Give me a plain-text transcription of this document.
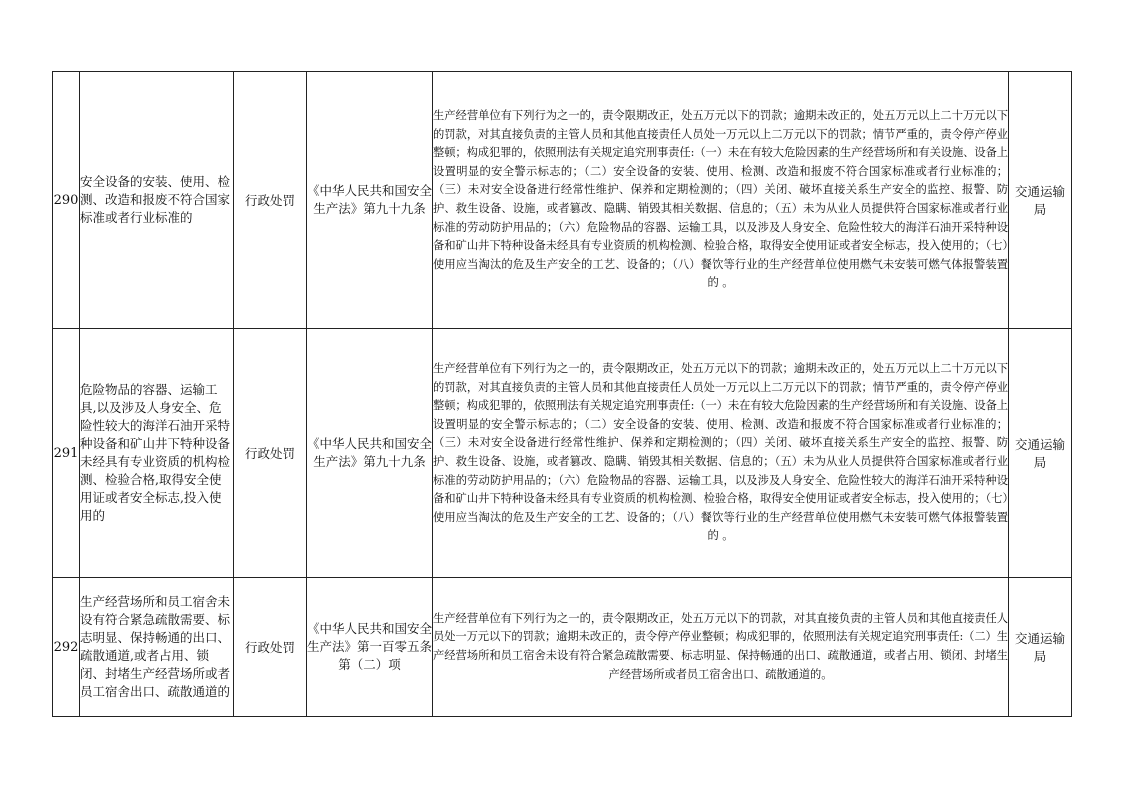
290	安全设备的安装、使用、检测、改造和报废不符合国家标准或者行业标准的	行政处罚	《中华人民共和国安全生产法》第九十九条	生产经营单位有下列行为之一的，责令限期改正，处五万元以下的罚款；逾期未改正的，处五万元以上二十万元以下的罚款，对其直接负责的主管人员和其他直接责任人员处一万元以上二万元以下的罚款；情节严重的，责令停产停业整顿；构成犯罪的，依照刑法有关规定追究刑事责任:（一）未在有较大危险因素的生产经营场所和有关设施、设备上设置明显的安全警示标志的；（二）安全设备的安装、使用、检测、改造和报废不符合国家标准或者行业标准的；（三）未对安全设备进行经常性维护、保养和定期检测的；（四）关闭、破坏直接关系生产安全的监控、报警、防护、救生设备、设施，或者篡改、隐瞒、销毁其相关数据、信息的；（五）未为从业人员提供符合国家标准或者行业标准的劳动防护用品的；（六）危险物品的容器、运输工具，以及涉及人身安全、危险性较大的海洋石油开采特种设备和矿山井下特种设备未经具有专业资质的机构检测、检验合格，取得安全使用证或者安全标志，投入使用的；（七）使用应当淘汰的危及生产安全的工艺、设备的；（八）餐饮等行业的生产经营单位使用燃气未安装可燃气体报警装置的 。	交通运输局
291	危险物品的容器、运输工具,以及涉及人身安全、危险性较大的海洋石油开采特种设备和矿山井下特种设备未经具有专业资质的机构检测、检验合格,取得安全使用证或者安全标志,投入使用的	行政处罚	《中华人民共和国安全生产法》第九十九条	生产经营单位有下列行为之一的，责令限期改正，处五万元以下的罚款；逾期未改正的，处五万元以上二十万元以下的罚款，对其直接负责的主管人员和其他直接责任人员处一万元以上二万元以下的罚款；情节严重的，责令停产停业整顿；构成犯罪的，依照刑法有关规定追究刑事责任:（一）未在有较大危险因素的生产经营场所和有关设施、设备上设置明显的安全警示标志的；（二）安全设备的安装、使用、检测、改造和报废不符合国家标准或者行业标准的；（三）未对安全设备进行经常性维护、保养和定期检测的；（四）关闭、破坏直接关系生产安全的监控、报警、防护、救生设备、设施，或者篡改、隐瞒、销毁其相关数据、信息的；（五）未为从业人员提供符合国家标准或者行业标准的劳动防护用品的；（六）危险物品的容器、运输工具，以及涉及人身安全、危险性较大的海洋石油开采特种设备和矿山井下特种设备未经具有专业资质的机构检测、检验合格，取得安全使用证或者安全标志，投入使用的；（七）使用应当淘汰的危及生产安全的工艺、设备的；（八）餐饮等行业的生产经营单位使用燃气未安装可燃气体报警装置的 。	交通运输局
292	生产经营场所和员工宿舍未设有符合紧急疏散需要、标志明显、保持畅通的出口、疏散通道,或者占用、锁闭、封堵生产经营场所或者员工宿舍出口、疏散通道的	行政处罚	《中华人民共和国安全生产法》第一百零五条第（二）项	生产经营单位有下列行为之一的，责令限期改正，处五万元以下的罚款，对其直接负责的主管人员和其他直接责任人员处一万元以下的罚款；逾期未改正的，责令停产停业整顿；构成犯罪的，依照刑法有关规定追究刑事责任:（二）生产经营场所和员工宿舍未设有符合紧急疏散需要、标志明显、保持畅通的出口、疏散通道，或者占用、锁闭、封堵生产经营场所或者员工宿舍出口、疏散通道的。	交通运输局
